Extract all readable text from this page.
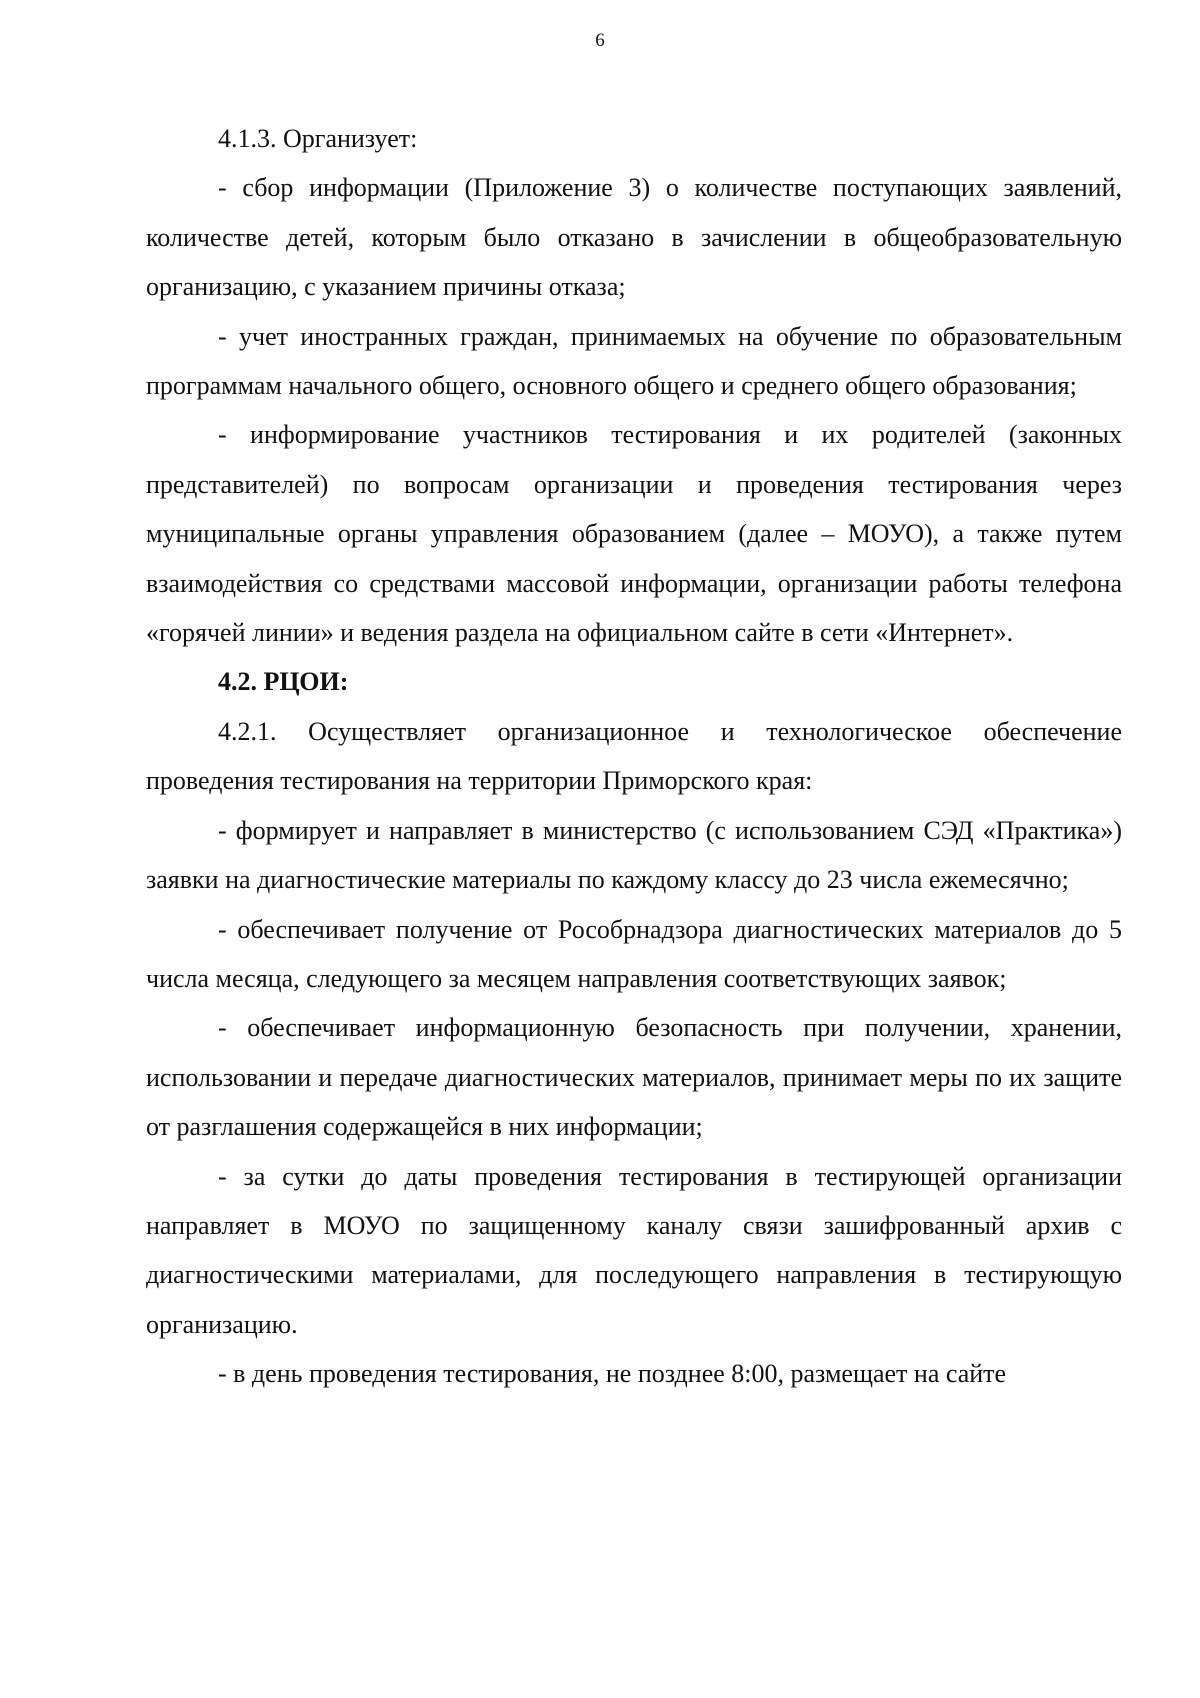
6

4.1.3. Организует:

- сбор информации (Приложение 3) о количестве поступающих заявлений, количестве детей, которым было отказано в зачислении в общеобразовательную организацию, с указанием причины отказа;

- учет иностранных граждан, принимаемых на обучение по образовательным программам начального общего, основного общего и среднего общего образования;

- информирование участников тестирования и их родителей (законных представителей) по вопросам организации и проведения тестирования через муниципальные органы управления образованием (далее – МОУО), а также путем взаимодействия со средствами массовой информации, организации работы телефона «горячей линии» и ведения раздела на официальном сайте в сети «Интернет».

4.2. РЦОИ:

4.2.1. Осуществляет организационное и технологическое обеспечение проведения тестирования на территории Приморского края:

- формирует и направляет в министерство (с использованием СЭД «Практика») заявки на диагностические материалы по каждому классу до 23 числа ежемесячно;

- обеспечивает получение от Рособрнадзора диагностических материалов до 5 числа месяца, следующего за месяцем направления соответствующих заявок;

- обеспечивает информационную безопасность при получении, хранении, использовании и передаче диагностических материалов, принимает меры по их защите от разглашения содержащейся в них информации;

- за сутки до даты проведения тестирования в тестирующей организации направляет в МОУО по защищенному каналу связи зашифрованный архив с диагностическими материалами, для последующего направления в тестирующую организацию.

- в день проведения тестирования, не позднее 8:00, размещает на сайте
